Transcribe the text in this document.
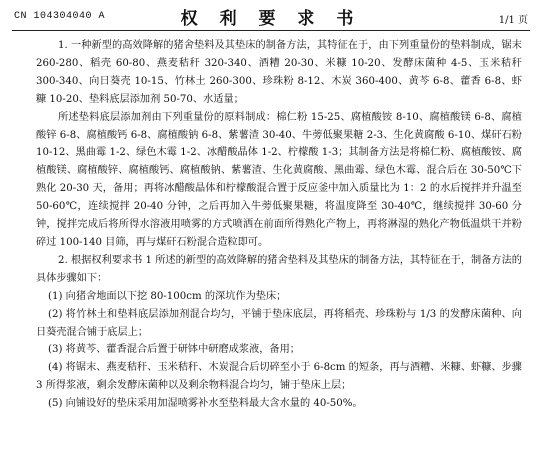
CN 104304040 A	权 利 要 求 书	1/1 页

1. 一种新型的高效降解的猪舍垫料及其垫床的制备方法，其特征在于，由下列重量份的垫料制成，锯末 260-280、稻壳 60-80、燕麦秸秆 320-340、酒糟 20-30、米糠 10-20、发酵床菌种 4-5、玉米秸秆 300-340、向日葵壳 10-15、竹林土 260-300、珍珠粉 8-12、木炭 360-400、黄芩 6-8、藿香 6-8、虾糠 10-20、垫料底层添加剂 50-70、水适量；

所述垫料底层添加剂由下列重量份的原料制成：棉仁粉 15-25、腐植酸铵 8-10、腐植酸镁 6-8、腐植酸锌 6-8、腐植酸钙 6-8、腐植酸钠 6-8、紫薯渣 30-40、牛蒡低聚果糖 2-3、生化黄腐酸 6-10、煤矸石粉 10-12、黑曲霉 1-2、绿色木霉 1-2、冰醋酸晶体 1-2、柠檬酸 1-3；其制备方法是将棉仁粉、腐植酸铵、腐植酸镁、腐植酸锌、腐植酸钙、腐植酸钠、紫薯渣、生化黄腐酸、黑曲霉、绿色木霉、混合后在 30-50℃下熟化 20-30 天，备用；再将冰醋酸晶体和柠檬酸混合置于反应釜中加入质量比为 1：2 的水后搅拌并升温至 50-60℃，连续搅拌 20-40 分钟，之后再加入牛蒡低聚果糖，将温度降至 30-40℃，继续搅拌 30-60 分钟，搅拌完成后将所得水溶液用喷雾的方式喷洒在前面所得熟化产物上，再将淋湿的熟化产物低温烘干并粉碎过 100-140 目筛，再与煤矸石粉混合造粒即可。

2. 根据权利要求书 1 所述的新型的高效降解的猪舍垫料及其垫床的制备方法，其特征在于，制备方法的具体步骤如下：

(1) 向猪舍地面以下挖 80-100cm 的深坑作为垫床；

(2) 将竹林土和垫料底层添加剂混合均匀，平铺于垫床底层，再将稻壳、珍珠粉与 1/3 的发酵床菌种、向日葵壳混合铺于底层上；

(3) 将黄芩、藿香混合后置于研钵中研磨成浆液，备用；

(4) 将锯末、燕麦秸秆、玉米秸秆、木炭混合后切碎至小于 6-8cm 的短条，再与酒糟、米糠、虾糠、步骤 3 所得浆液，剩余发酵床菌种以及剩余物料混合均匀，铺于垫床上层；

(5) 向铺设好的垫床采用加湿喷雾补水至垫料最大含水量的 40-50%。
